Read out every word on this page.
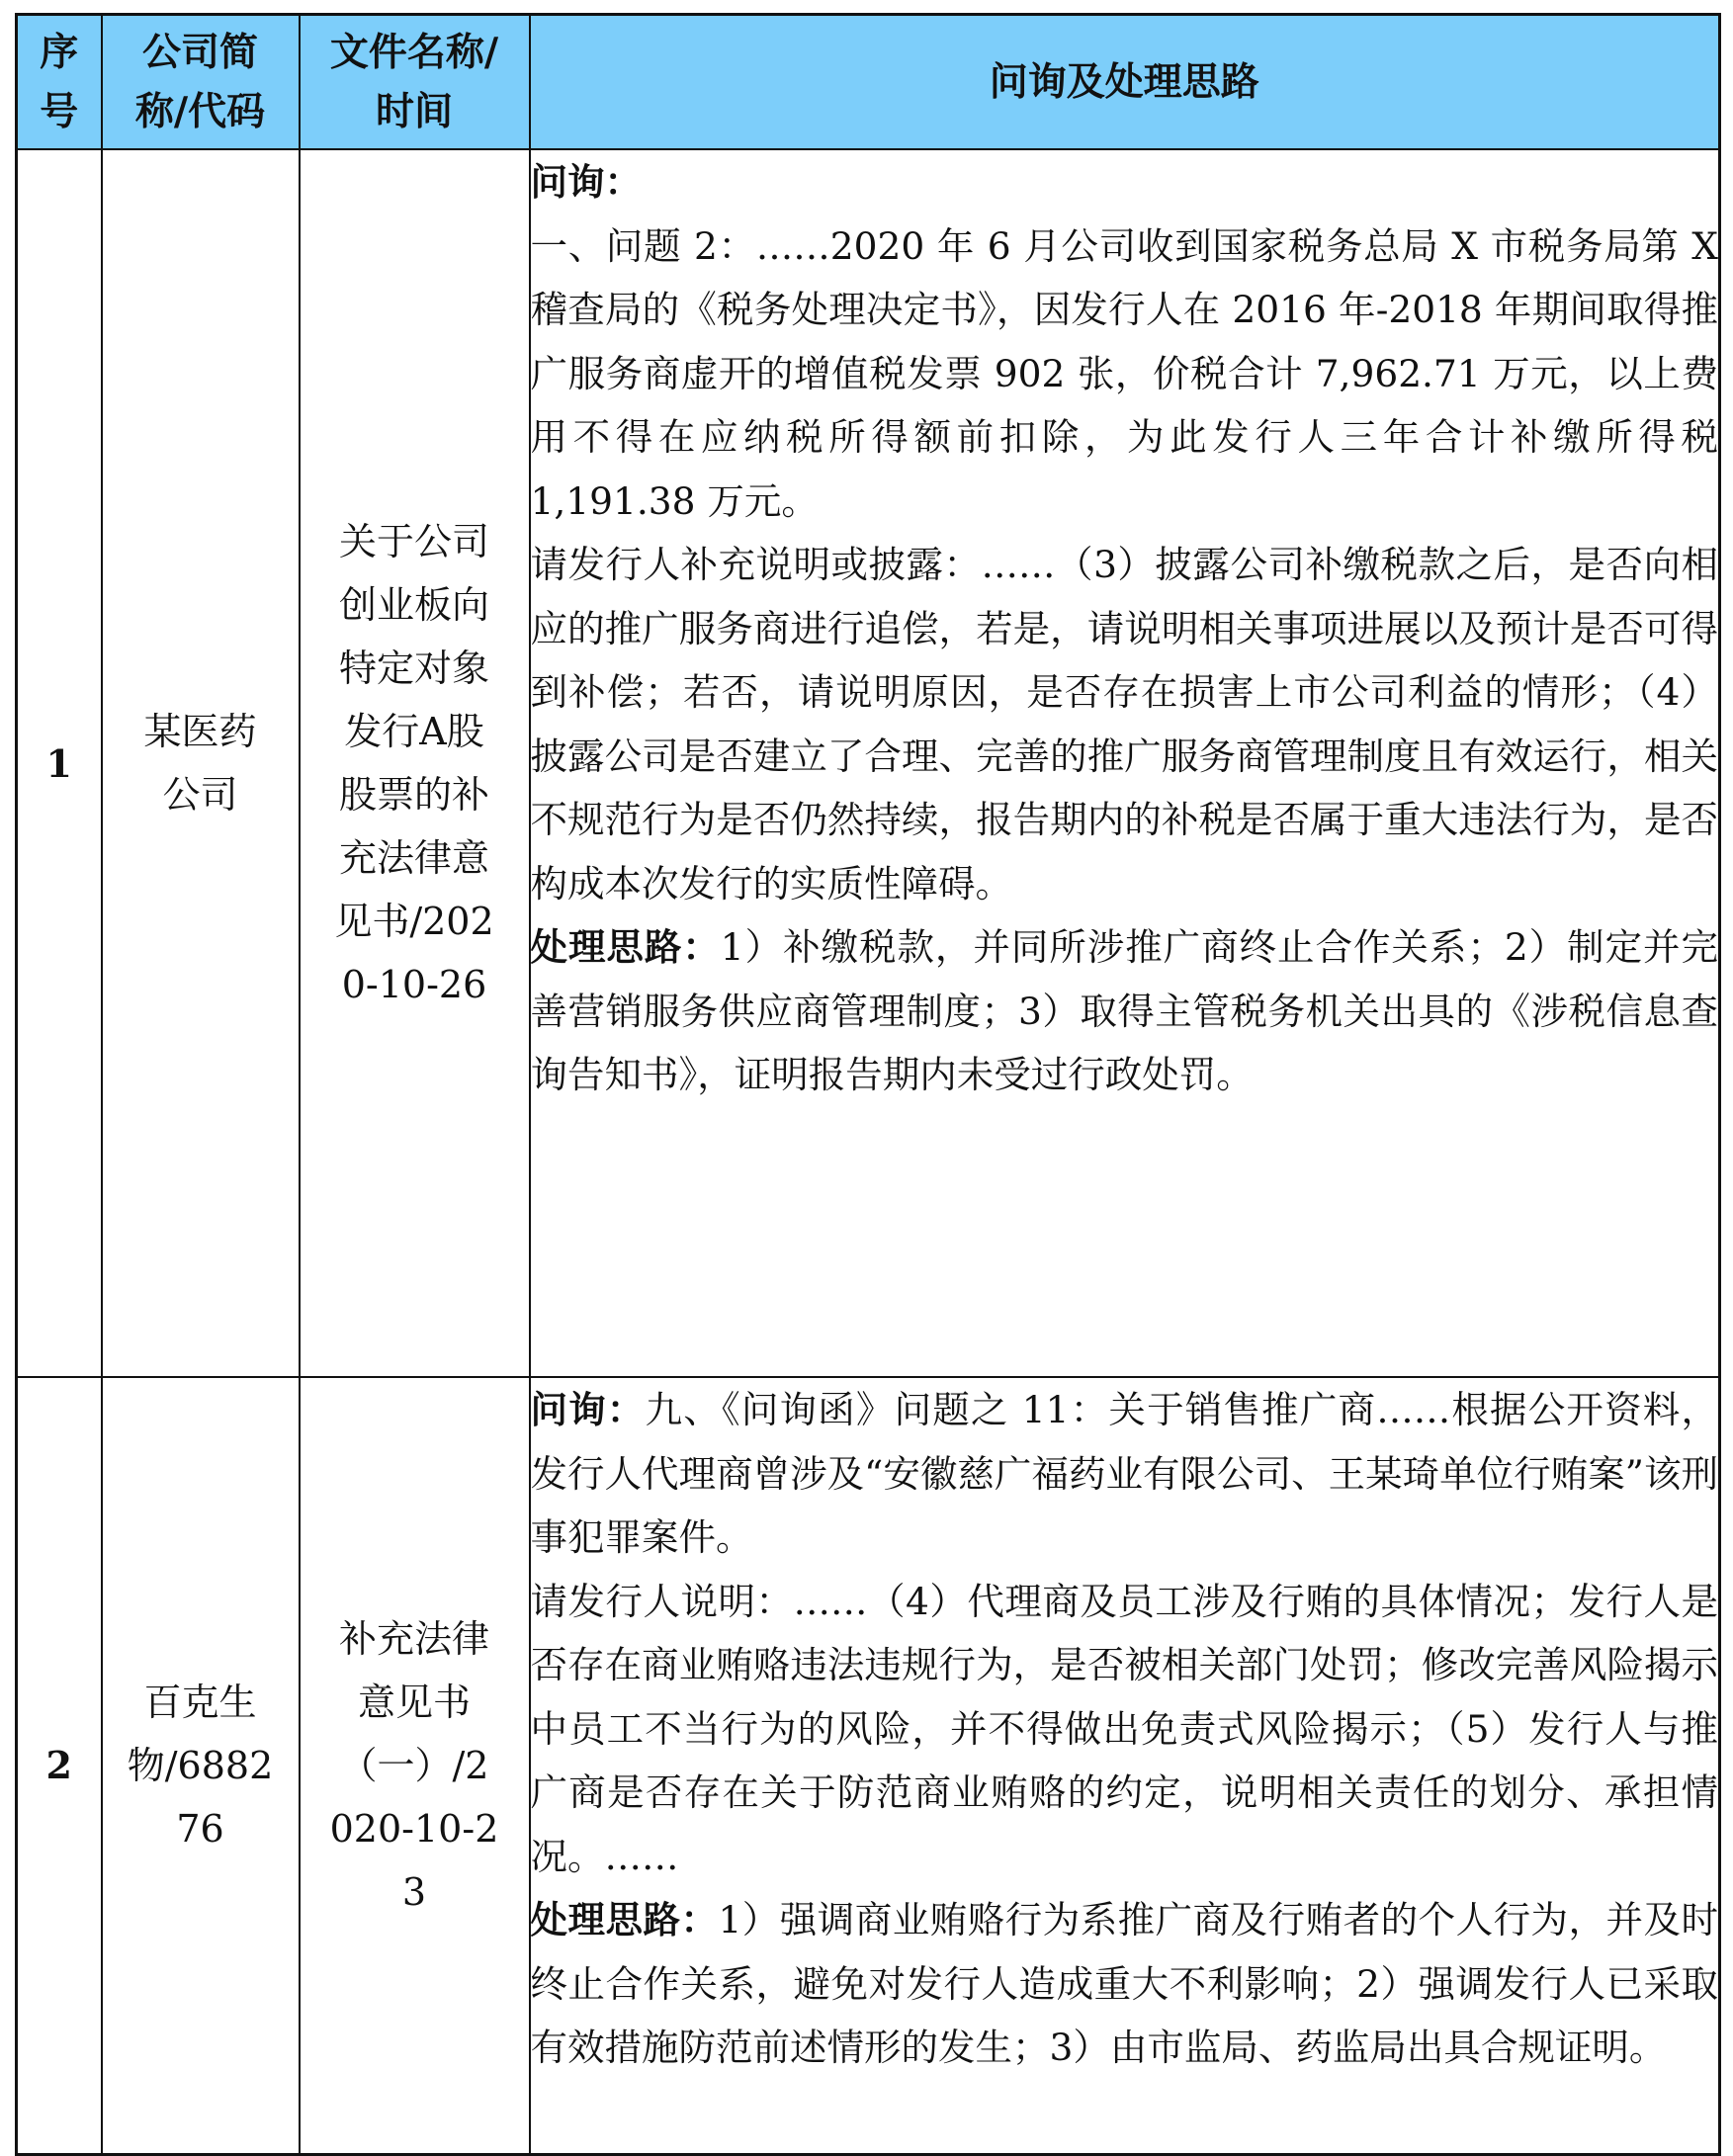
序号	公司简称/代码	文件名称/时间	问询及处理思路
1	某医药公司	关于公司创业板向特定对象发行A股股票的补充法律意见书/2020-10-26	问询：

一、问题 2：……2020 年 6 月公司收到国家税务总局 X 市税务局第 X 稽查局的《税务处理决定书》，因发行人在 2016 年-2018 年期间取得推广服务商虚开的增值税发票 902 张，价税合计 7,962.71 万元，以上费用不得在应纳税所得额前扣除，为此发行人三年合计补缴所得税 1,191.38 万元。

请发行人补充说明或披露：……（3）披露公司补缴税款之后，是否向相应的推广服务商进行追偿，若是，请说明相关事项进展以及预计是否可得到补偿；若否，请说明原因，是否存在损害上市公司利益的情形；（4）披露公司是否建立了合理、完善的推广服务商管理制度且有效运行，相关不规范行为是否仍然持续，报告期内的补税是否属于重大违法行为，是否构成本次发行的实质性障碍。

处理思路：1）补缴税款，并同所涉推广商终止合作关系；2）制定并完善营销服务供应商管理制度；3）取得主管税务机关出具的《涉税信息查询告知书》，证明报告期内未受过行政处罚。

2	百克生物/688276	补充法律意见书（一）/2020-10-23	问询：九、《问询函》问题之 11：关于销售推广商……根据公开资料，发行人代理商曾涉及“安徽慈广福药业有限公司、王某琦单位行贿案”该刑事犯罪案件。

请发行人说明：……（4）代理商及员工涉及行贿的具体情况；发行人是否存在商业贿赂违法违规行为，是否被相关部门处罚；修改完善风险揭示中员工不当行为的风险，并不得做出免责式风险揭示；（5）发行人与推广商是否存在关于防范商业贿赂的约定，说明相关责任的划分、承担情况。……

处理思路：1）强调商业贿赂行为系推广商及行贿者的个人行为，并及时终止合作关系，避免对发行人造成重大不利影响；2）强调发行人已采取有效措施防范前述情形的发生；3）由市监局、药监局出具合规证明。
